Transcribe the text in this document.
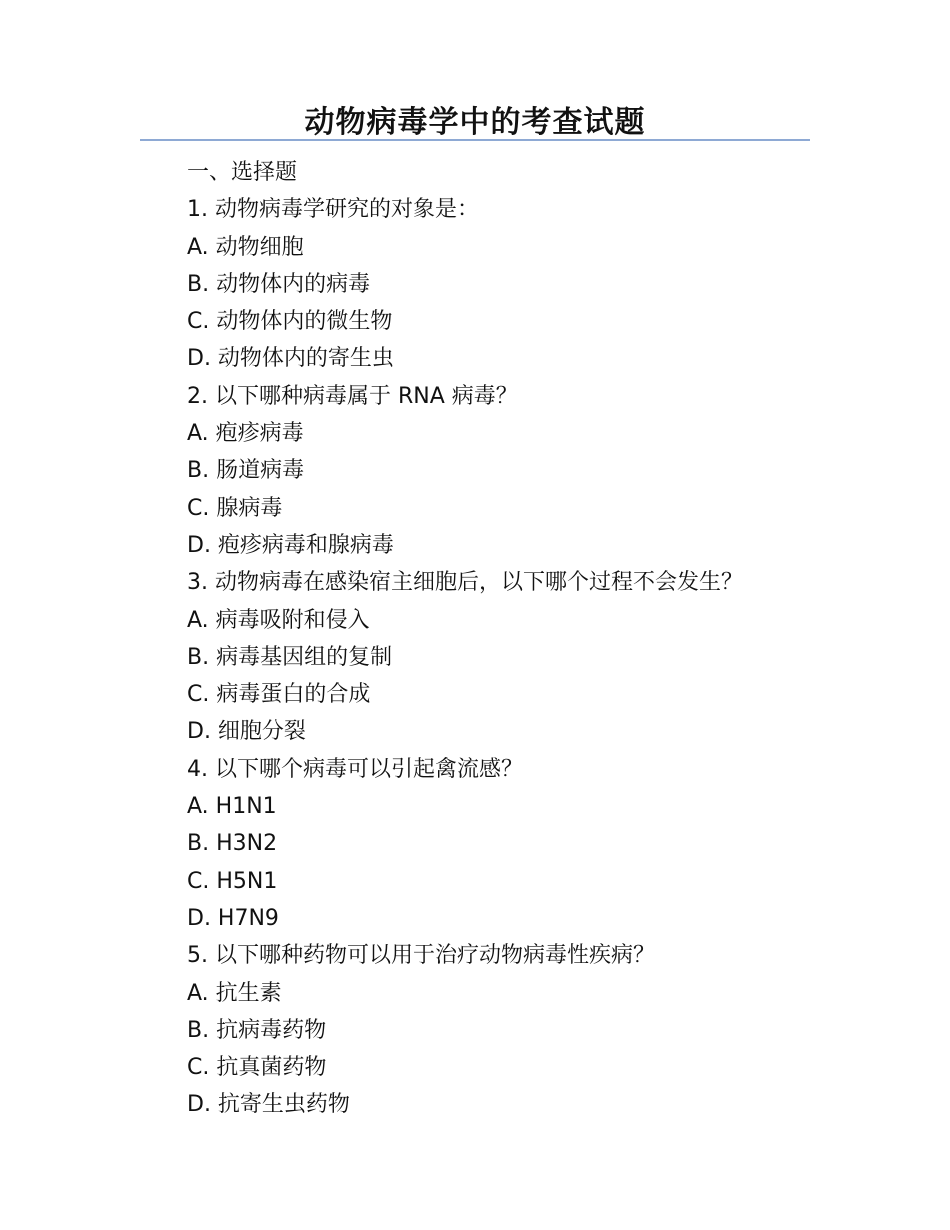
动物病毒学中的考查试题
一、选择题
1. 动物病毒学研究的对象是：
A. 动物细胞
B. 动物体内的病毒
C. 动物体内的微生物
D. 动物体内的寄生虫
2. 以下哪种病毒属于 RNA 病毒？
A. 疱疹病毒
B. 肠道病毒
C. 腺病毒
D. 疱疹病毒和腺病毒
3. 动物病毒在感染宿主细胞后，以下哪个过程不会发生？
A. 病毒吸附和侵入
B. 病毒基因组的复制
C. 病毒蛋白的合成
D. 细胞分裂
4. 以下哪个病毒可以引起禽流感？
A. H1N1
B. H3N2
C. H5N1
D. H7N9
5. 以下哪种药物可以用于治疗动物病毒性疾病？
A. 抗生素
B. 抗病毒药物
C. 抗真菌药物
D. 抗寄生虫药物
